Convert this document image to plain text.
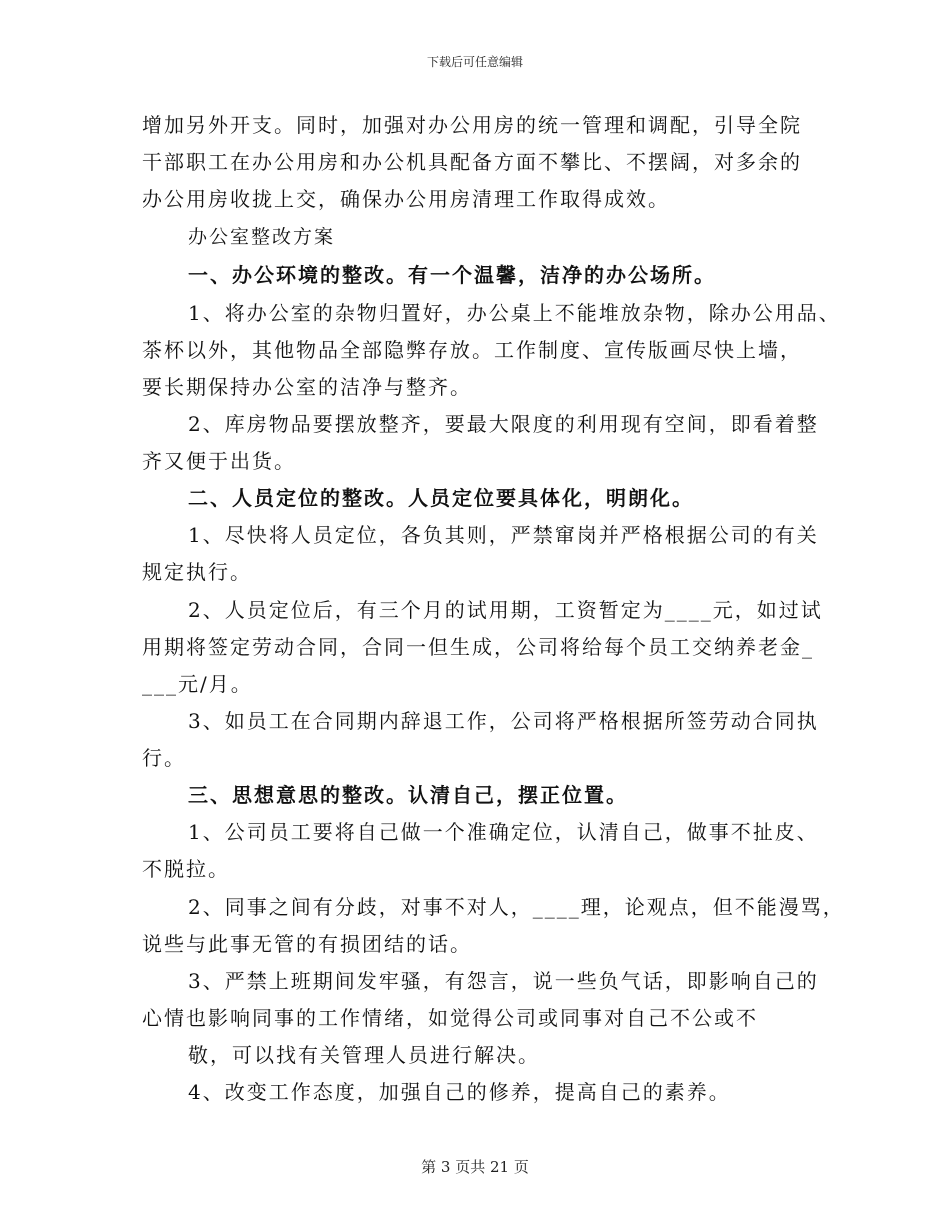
下载后可任意编辑
增加另外开支。同时，加强对办公用房的统一管理和调配，引导全院
干部职工在办公用房和办公机具配备方面不攀比、不摆阔，对多余的
办公用房收拢上交，确保办公用房清理工作取得成效。
办公室整改方案
一、办公环境的整改。有一个温馨，洁净的办公场所。
1、将办公室的杂物归置好，办公桌上不能堆放杂物，除办公用品、
茶杯以外，其他物品全部隐弊存放。工作制度、宣传版画尽快上墙，
要长期保持办公室的洁净与整齐。
2、库房物品要摆放整齐，要最大限度的利用现有空间，即看着整
齐又便于出货。
二、人员定位的整改。人员定位要具体化，明朗化。
1、尽快将人员定位，各负其则，严禁窜岗并严格根据公司的有关
规定执行。
2、人员定位后，有三个月的试用期，工资暂定为____元，如过试
用期将签定劳动合同，合同一但生成，公司将给每个员工交纳养老金_
___元/月。
3、如员工在合同期内辞退工作，公司将严格根据所签劳动合同执
行。
三、思想意思的整改。认清自己，摆正位置。
1、公司员工要将自己做一个准确定位，认清自己，做事不扯皮、
不脱拉。
2、同事之间有分歧，对事不对人，____理，论观点，但不能漫骂，
说些与此事无管的有损团结的话。
3、严禁上班期间发牢骚，有怨言，说一些负气话，即影响自己的
心情也影响同事的工作情绪，如觉得公司或同事对自己不公或不
敬，可以找有关管理人员进行解决。
4、改变工作态度，加强自己的修养，提高自己的素养。
第 3 页共 21 页
